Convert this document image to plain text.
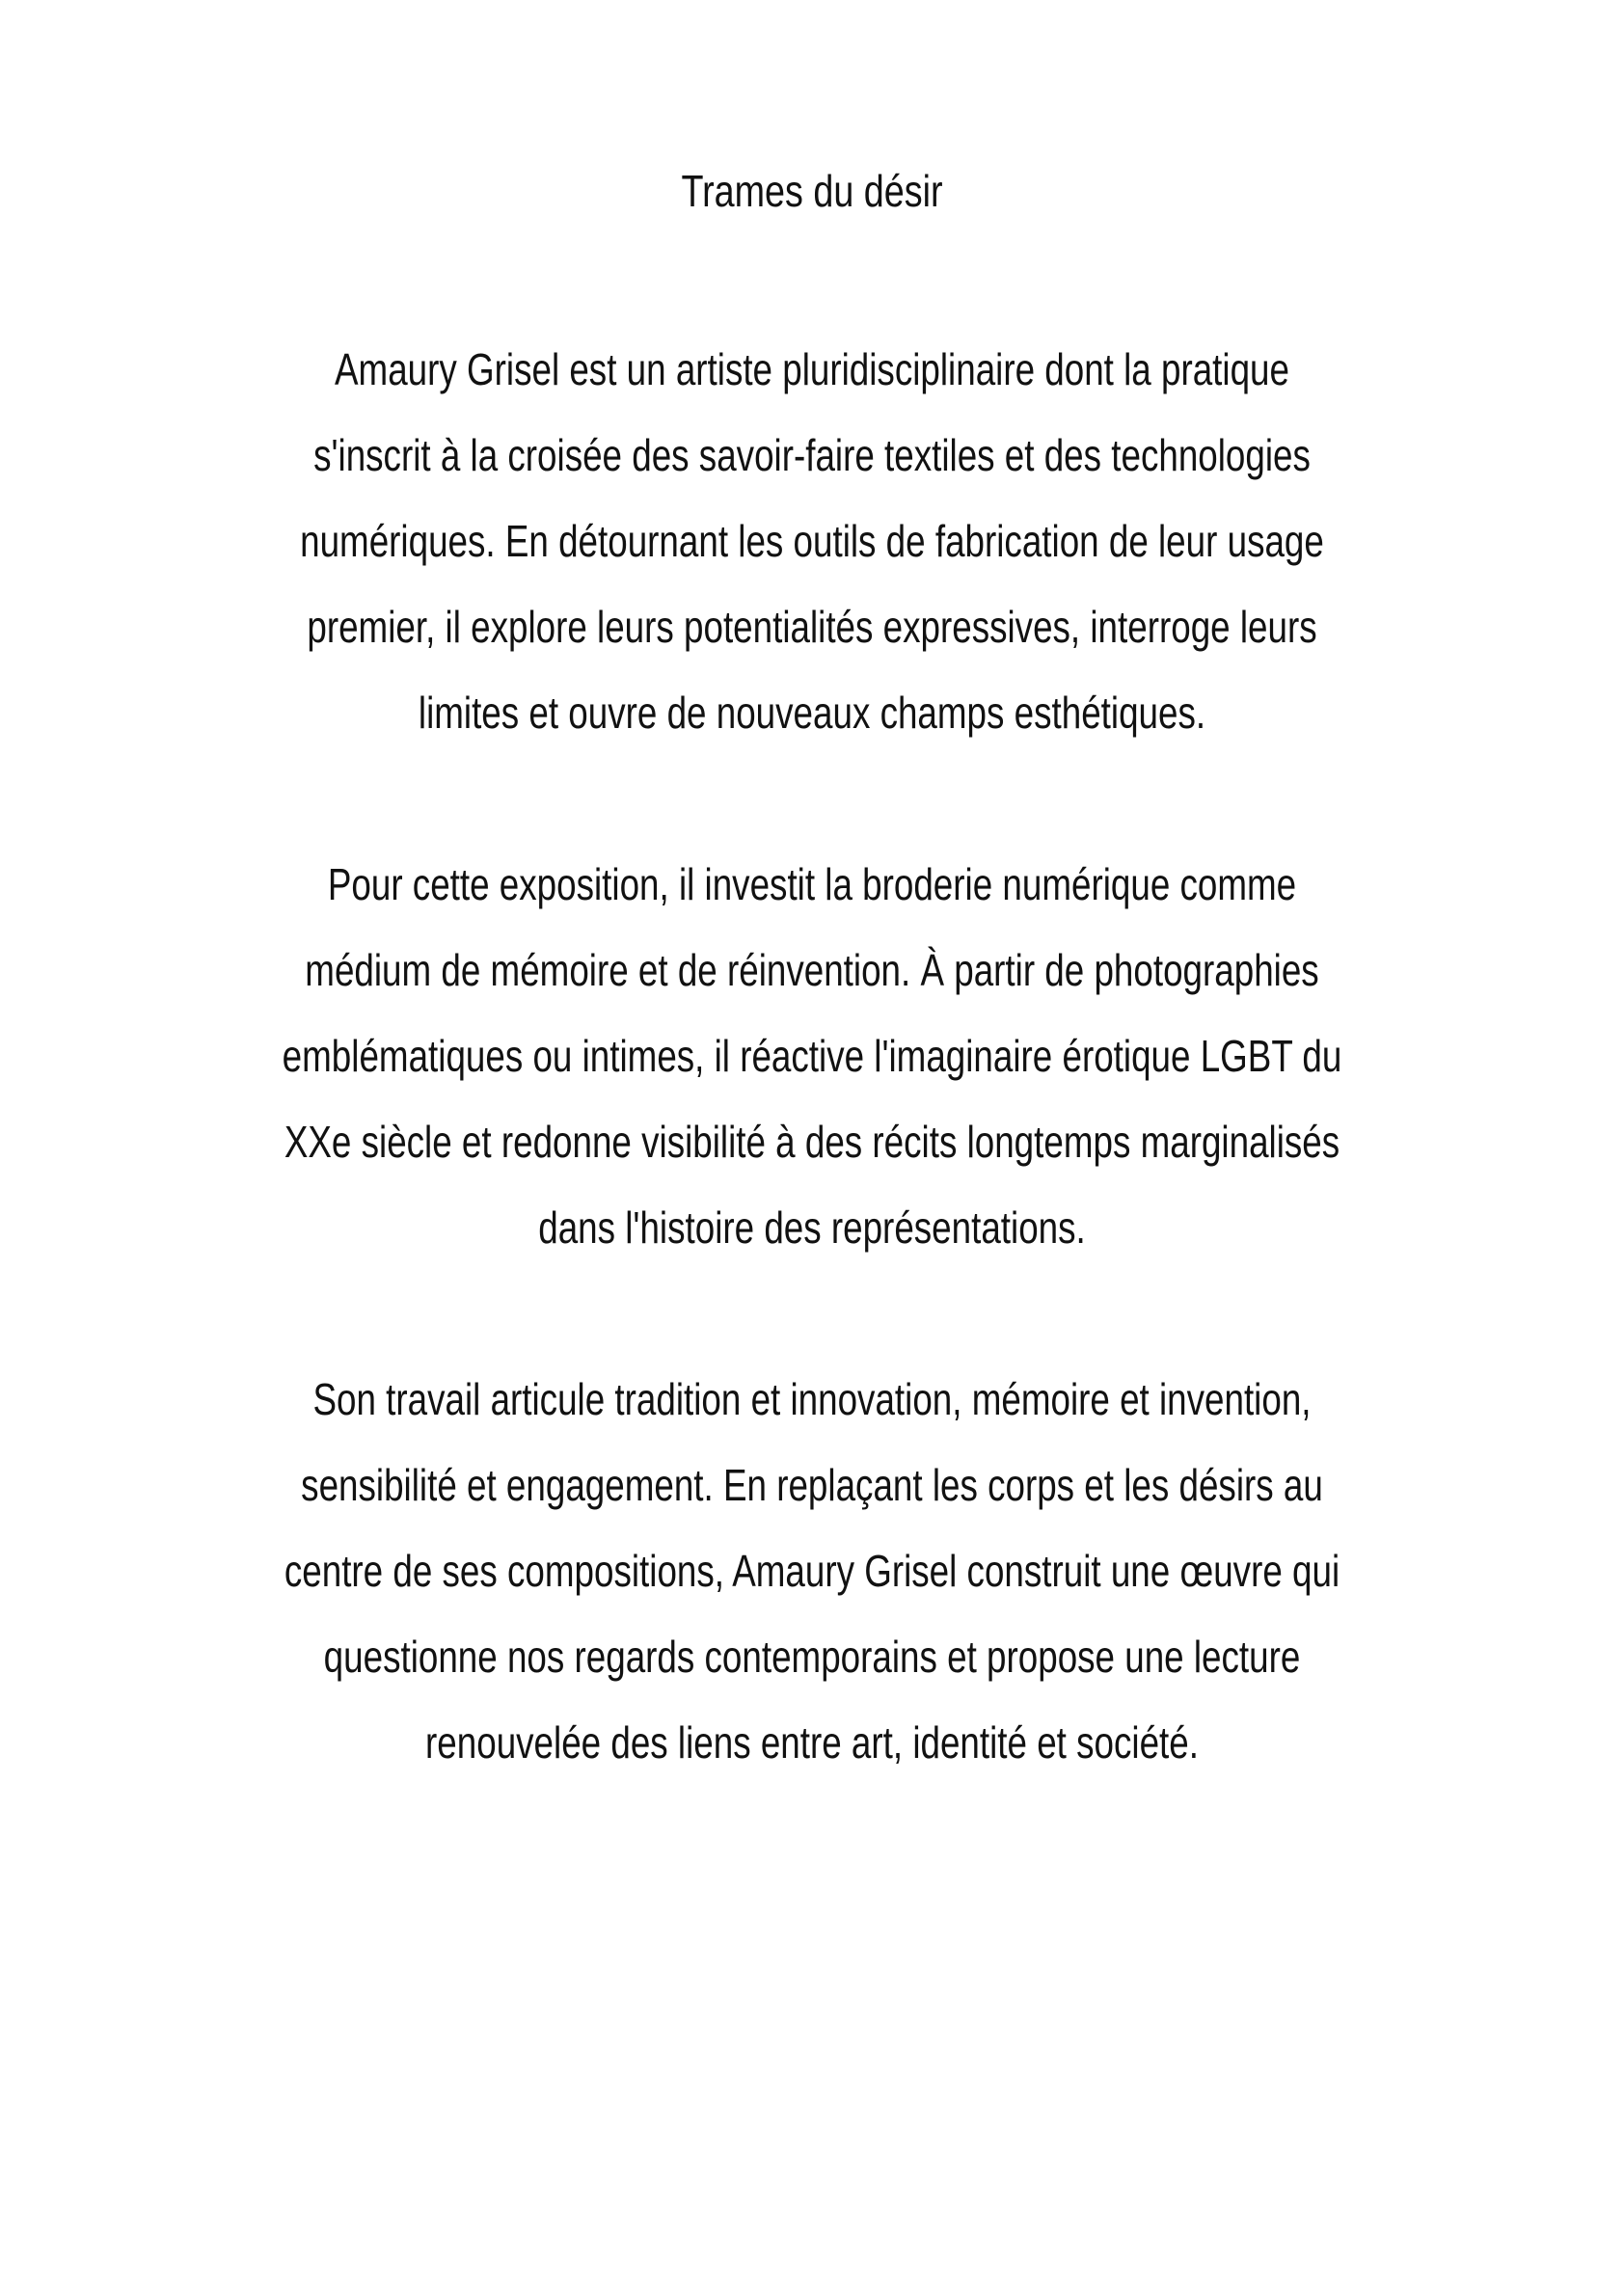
Trames du désir
Amaury Grisel est un artiste pluridisciplinaire dont la pratique
s'inscrit à la croisée des savoir-faire textiles et des technologies
numériques. En détournant les outils de fabrication de leur usage
premier, il explore leurs potentialités expressives, interroge leurs
limites et ouvre de nouveaux champs esthétiques.
Pour cette exposition, il investit la broderie numérique comme
médium de mémoire et de réinvention. À partir de photographies
emblématiques ou intimes, il réactive l'imaginaire érotique LGBT du
XXe siècle et redonne visibilité à des récits longtemps marginalisés
dans l'histoire des représentations.
Son travail articule tradition et innovation, mémoire et invention,
sensibilité et engagement. En replaçant les corps et les désirs au
centre de ses compositions, Amaury Grisel construit une œuvre qui
questionne nos regards contemporains et propose une lecture
renouvelée des liens entre art, identité et société.
